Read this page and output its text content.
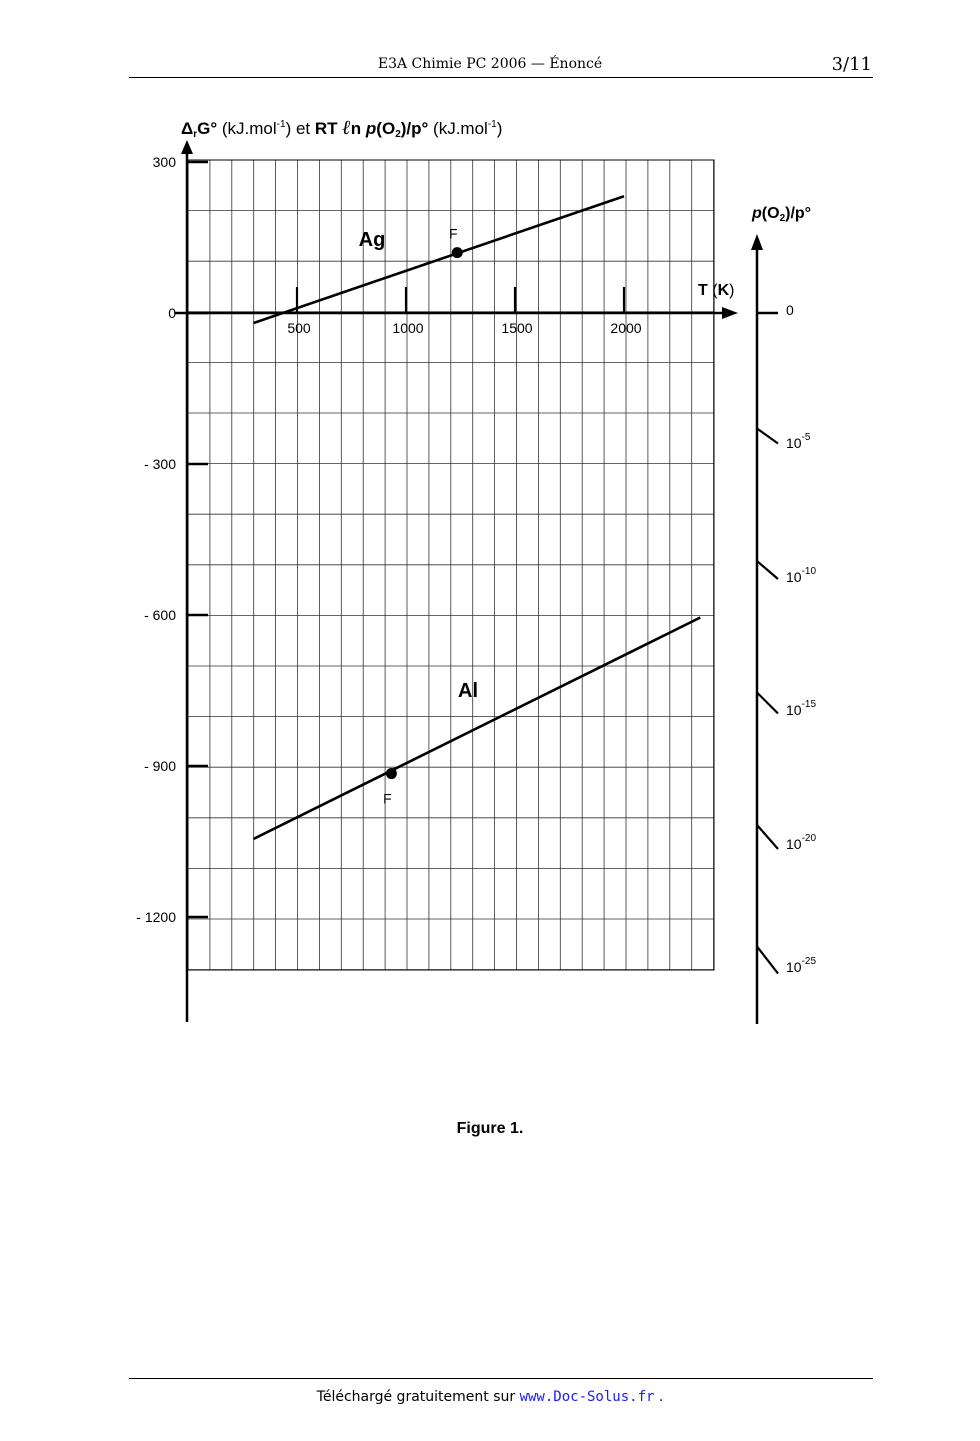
E3A Chimie PC 2006 — Énoncé	3/11
300
0
- 300
- 600
- 900
- 1200
500	1000	1500	2000
T (K)
ΔrG° (kJ.mol$^{-1}$) et RT ℓn p(O2)/p° (kJ.mol$^{-1}$)
Ag
Al
F
F
p(O2)/p°
0
$10^{-5}$
$10^{-10}$
$10^{-15}$
$10^{-20}$
$10^{-25}$
Figure 1.
Téléchargé gratuitement sur www.Doc-Solus.fr .
